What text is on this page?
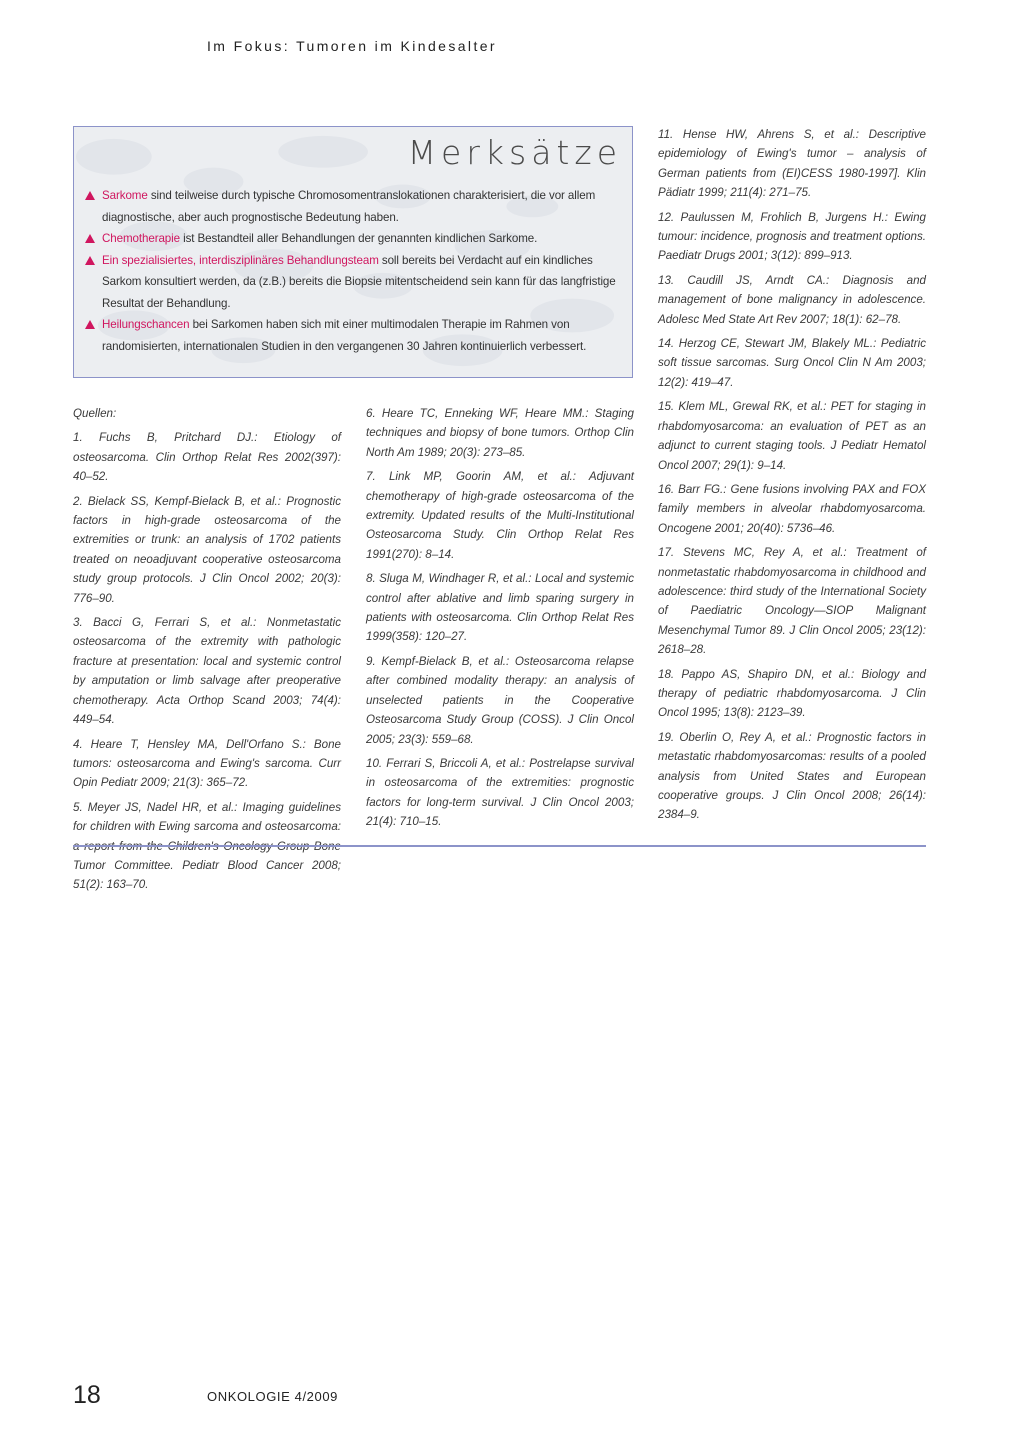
Im Fokus: Tumoren im Kindesalter
Merksätze
Sarkome sind teilweise durch typische Chromosomentranslokationen charakterisiert, die vor allem diagnostische, aber auch prognostische Bedeutung haben.
Chemotherapie ist Bestandteil aller Behandlungen der genannten kindlichen Sarkome.
Ein spezialisiertes, interdisziplinäres Behandlungsteam soll bereits bei Verdacht auf ein kindliches Sarkom konsultiert werden, da (z.B.) bereits die Biopsie mitentscheidend sein kann für das langfristige Resultat der Behandlung.
Heilungschancen bei Sarkomen haben sich mit einer multimodalen Therapie im Rahmen von randomisierten, internationalen Studien in den vergangenen 30 Jahren kontinuierlich verbessert.

Quellen:

1. Fuchs B, Pritchard DJ.: Etiology of osteosarcoma. Clin Orthop Relat Res 2002(397): 40–52.

2. Bielack SS, Kempf-Bielack B, et al.: Prognostic factors in high-grade osteosarcoma of the extremities or trunk: an analysis of 1702 patients treated on neoadjuvant cooperative osteosarcoma study group protocols. J Clin Oncol 2002; 20(3): 776–90.

3. Bacci G, Ferrari S, et al.: Nonmetastatic osteosarcoma of the extremity with pathologic fracture at presentation: local and systemic control by amputation or limb salvage after preoperative chemotherapy. Acta Orthop Scand 2003; 74(4): 449–54.

4. Heare T, Hensley MA, Dell'Orfano S.: Bone tumors: osteosarcoma and Ewing's sarcoma. Curr Opin Pediatr 2009; 21(3): 365–72.

5. Meyer JS, Nadel HR, et al.: Imaging guidelines for children with Ewing sarcoma and osteosarcoma: a report from the Children's Oncology Group Bone Tumor Committee. Pediatr Blood Cancer 2008; 51(2): 163–70.

6. Heare TC, Enneking WF, Heare MM.: Staging techniques and biopsy of bone tumors. Orthop Clin North Am 1989; 20(3): 273–85.

7. Link MP, Goorin AM, et al.: Adjuvant chemotherapy of high-grade osteosarcoma of the extremity. Updated results of the Multi-Institutional Osteosarcoma Study. Clin Orthop Relat Res 1991(270): 8–14.

8. Sluga M, Windhager R, et al.: Local and systemic control after ablative and limb sparing surgery in patients with osteosarcoma. Clin Orthop Relat Res 1999(358): 120–27.

9. Kempf-Bielack B, et al.: Osteosarcoma relapse after combined modality therapy: an analysis of unselected patients in the Cooperative Osteosarcoma Study Group (COSS). J Clin Oncol 2005; 23(3): 559–68.

10. Ferrari S, Briccoli A, et al.: Postrelapse survival in osteosarcoma of the extremities: prognostic factors for long-term survival. J Clin Oncol 2003; 21(4): 710–15.

11. Hense HW, Ahrens S, et al.: Descriptive epidemiology of Ewing's tumor – analysis of German patients from (EI)CESS 1980-1997]. Klin Pädiatr 1999; 211(4): 271–75.

12. Paulussen M, Frohlich B, Jurgens H.: Ewing tumour: incidence, prognosis and treatment options. Paediatr Drugs 2001; 3(12): 899–913.

13. Caudill JS, Arndt CA.: Diagnosis and management of bone malignancy in adolescence. Adolesc Med State Art Rev 2007; 18(1): 62–78.

14. Herzog CE, Stewart JM, Blakely ML.: Pediatric soft tissue sarcomas. Surg Oncol Clin N Am 2003; 12(2): 419–47.

15. Klem ML, Grewal RK, et al.: PET for staging in rhabdomyosarcoma: an evaluation of PET as an adjunct to current staging tools. J Pediatr Hematol Oncol 2007; 29(1): 9–14.

16. Barr FG.: Gene fusions involving PAX and FOX family members in alveolar rhabdomyosarcoma. Oncogene 2001; 20(40): 5736–46.

17. Stevens MC, Rey A, et al.: Treatment of nonmetastatic rhabdomyosarcoma in childhood and adolescence: third study of the International Society of Paediatric Oncology—SIOP Malignant Mesenchymal Tumor 89. J Clin Oncol 2005; 23(12): 2618–28.

18. Pappo AS, Shapiro DN, et al.: Biology and therapy of pediatric rhabdomyosarcoma. J Clin Oncol 1995; 13(8): 2123–39.

19. Oberlin O, Rey A, et al.: Prognostic factors in metastatic rhabdomyosarcomas: results of a pooled analysis from United States and European cooperative groups. J Clin Oncol 2008; 26(14): 2384–9.

18	ONKOLOGIE 4/2009
